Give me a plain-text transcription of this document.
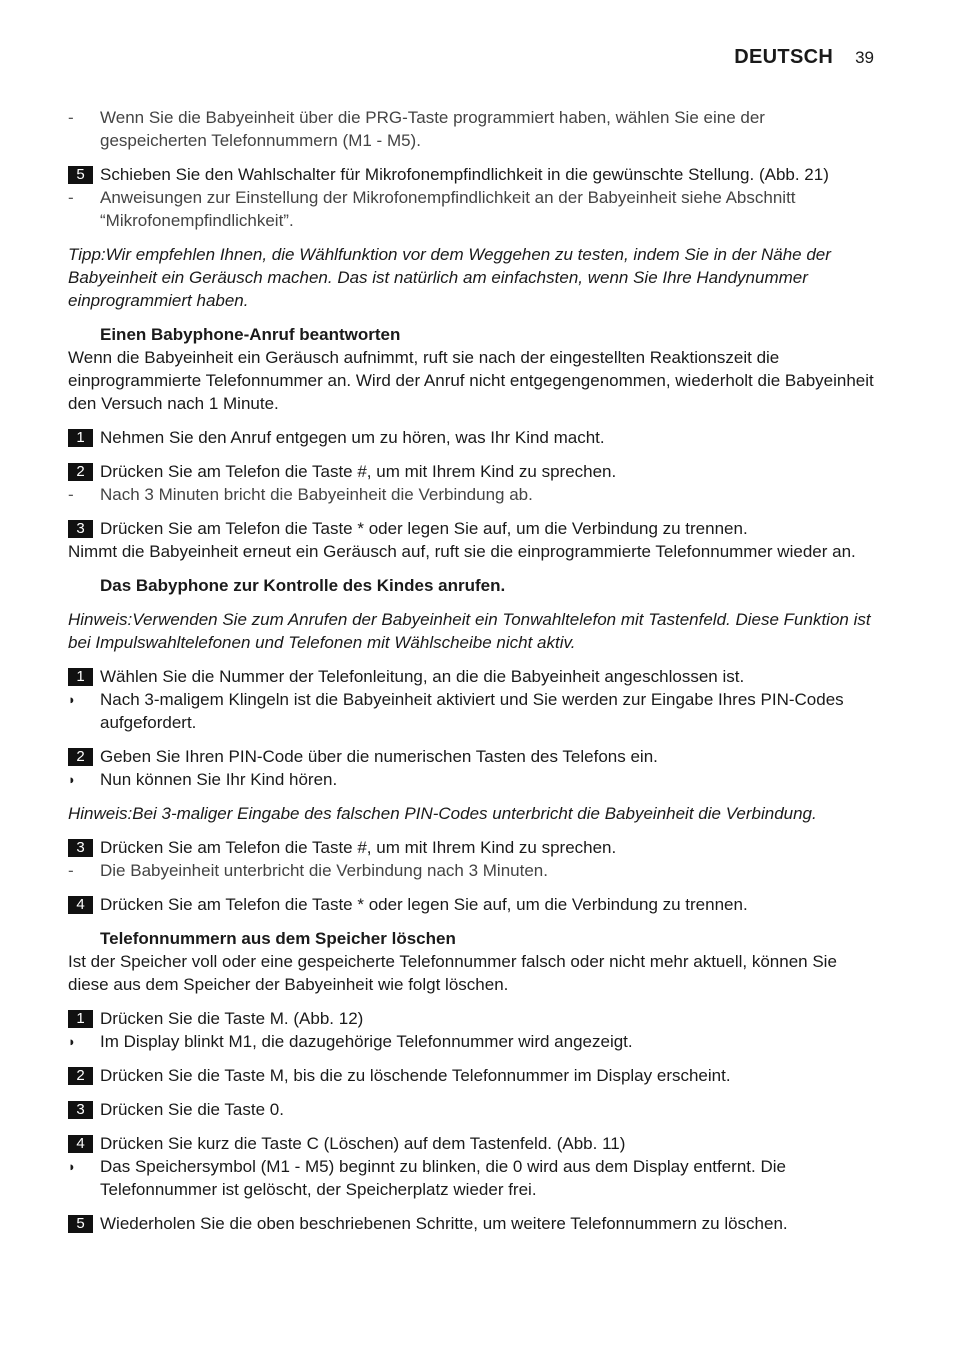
DEUTSCH 39
- Wenn Sie die Babyeinheit über die PRG-Taste programmiert haben, wählen Sie eine der gespeicherten Telefonnummern (M1 - M5).
5 Schieben Sie den Wahlschalter für Mikrofonempfindlichkeit in die gewünschte Stellung. (Abb. 21)
- Anweisungen zur Einstellung der Mikrofonempfindlichkeit an der Babyeinheit siehe Abschnitt “Mikrofonempfindlichkeit”.
Tipp:Wir empfehlen Ihnen, die Wählfunktion vor dem Weggehen zu testen, indem Sie in der Nähe der Babyeinheit ein Geräusch machen. Das ist natürlich am einfachsten, wenn Sie Ihre Handynummer einprogrammiert haben.
Einen Babyphone-Anruf beantworten
Wenn die Babyeinheit ein Geräusch aufnimmt, ruft sie nach der eingestellten Reaktionszeit die einprogrammierte Telefonnummer an. Wird der Anruf nicht entgegengenommen, wiederholt die Babyeinheit den Versuch nach 1 Minute.
1 Nehmen Sie den Anruf entgegen um zu hören, was Ihr Kind macht.
2 Drücken Sie am Telefon die Taste #, um mit Ihrem Kind zu sprechen.
- Nach 3 Minuten bricht die Babyeinheit die Verbindung ab.
3 Drücken Sie am Telefon die Taste * oder legen Sie auf, um die Verbindung zu trennen.
Nimmt die Babyeinheit erneut ein Geräusch auf, ruft sie die einprogrammierte Telefonnummer wieder an.
Das Babyphone zur Kontrolle des Kindes anrufen.
Hinweis:Verwenden Sie zum Anrufen der Babyeinheit ein Tonwahltelefon mit Tastenfeld. Diese Funktion ist bei Impulswahltelefonen und Telefonen mit Wählscheibe nicht aktiv.
1 Wählen Sie die Nummer der Telefonleitung, an die die Babyeinheit angeschlossen ist.
◗ Nach 3-maligem Klingeln ist die Babyeinheit aktiviert und Sie werden zur Eingabe Ihres PIN-Codes aufgefordert.
2 Geben Sie Ihren PIN-Code über die numerischen Tasten des Telefons ein.
◗ Nun können Sie Ihr Kind hören.
Hinweis:Bei 3-maliger Eingabe des falschen PIN-Codes unterbricht die Babyeinheit die Verbindung.
3 Drücken Sie am Telefon die Taste #, um mit Ihrem Kind zu sprechen.
- Die Babyeinheit unterbricht die Verbindung nach 3 Minuten.
4 Drücken Sie am Telefon die Taste * oder legen Sie auf, um die Verbindung zu trennen.
Telefonnummern aus dem Speicher löschen
Ist der Speicher voll oder eine gespeicherte Telefonnummer falsch oder nicht mehr aktuell, können Sie diese aus dem Speicher der Babyeinheit wie folgt löschen.
1 Drücken Sie die Taste M. (Abb. 12)
◗ Im Display blinkt M1, die dazugehörige Telefonnummer wird angezeigt.
2 Drücken Sie die Taste M, bis die zu löschende Telefonnummer im Display erscheint.
3 Drücken Sie die Taste 0.
4 Drücken Sie kurz die Taste C (Löschen) auf dem Tastenfeld. (Abb. 11)
◗ Das Speichersymbol (M1 - M5) beginnt zu blinken, die 0 wird aus dem Display entfernt. Die Telefonnummer ist gelöscht, der Speicherplatz wieder frei.
5 Wiederholen Sie die oben beschriebenen Schritte, um weitere Telefonnummern zu löschen.
